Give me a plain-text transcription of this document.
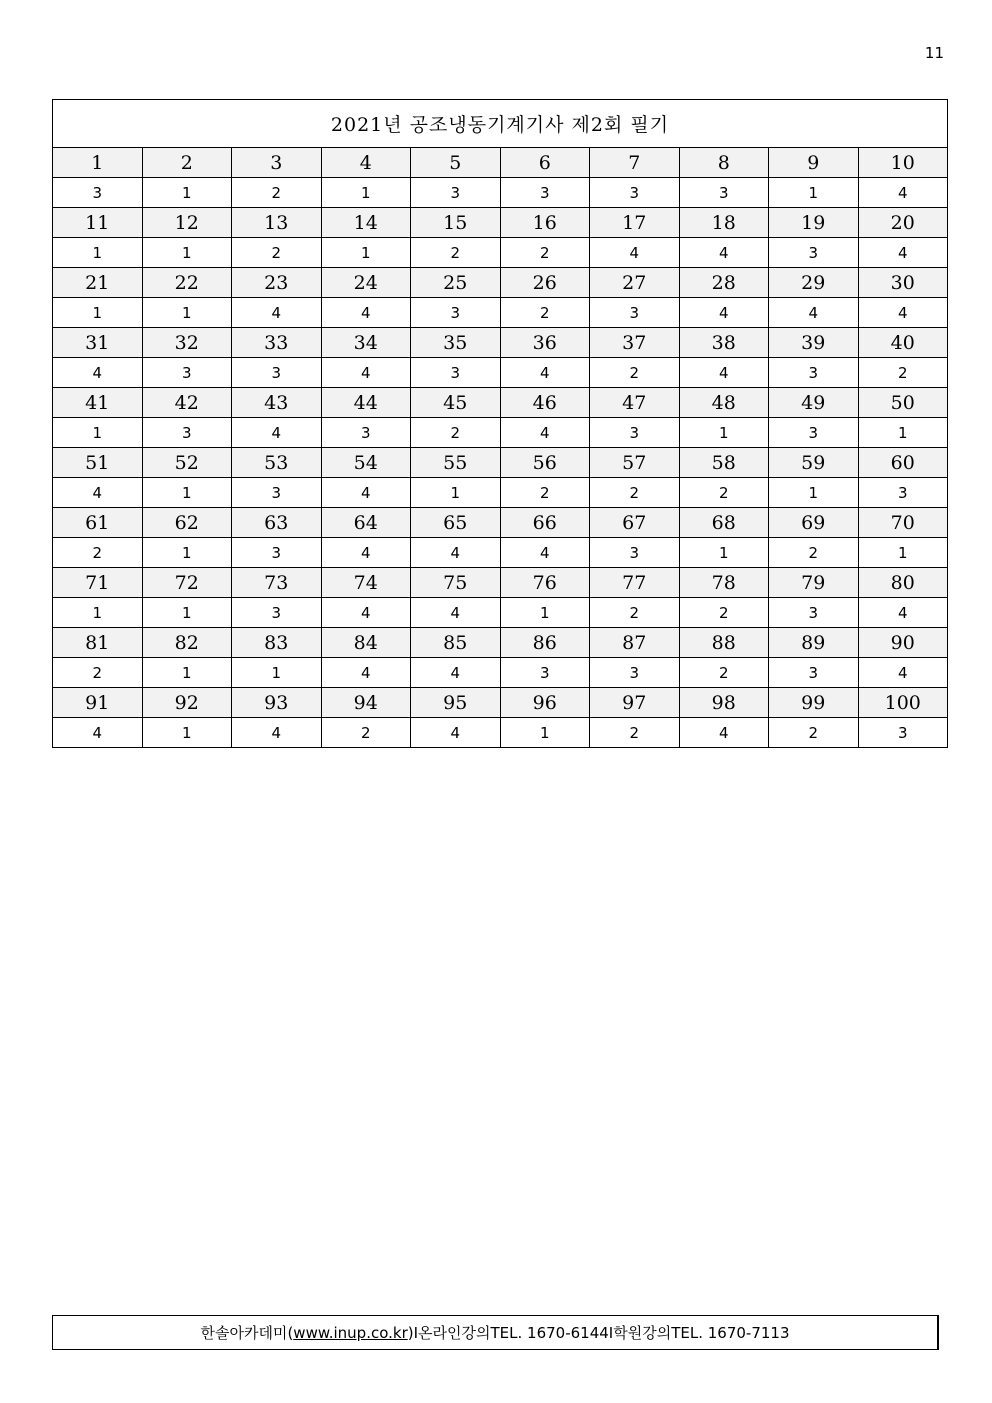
11
2021년 공조냉동기계기사 제2회 필기									
1	2	3	4	5	6	7	8	9	10
3	1	2	1	3	3	3	3	1	4
11	12	13	14	15	16	17	18	19	20
1	1	2	1	2	2	4	4	3	4
21	22	23	24	25	26	27	28	29	30
1	1	4	4	3	2	3	4	4	4
31	32	33	34	35	36	37	38	39	40
4	3	3	4	3	4	2	4	3	2
41	42	43	44	45	46	47	48	49	50
1	3	4	3	2	4	3	1	3	1
51	52	53	54	55	56	57	58	59	60
4	1	3	4	1	2	2	2	1	3
61	62	63	64	65	66	67	68	69	70
2	1	3	4	4	4	3	1	2	1
71	72	73	74	75	76	77	78	79	80
1	1	3	4	4	1	2	2	3	4
81	82	83	84	85	86	87	88	89	90
2	1	1	4	4	3	3	2	3	4
91	92	93	94	95	96	97	98	99	100
4	1	4	2	4	1	2	4	2	3
한솔아카데미 ( www.inup.co.kr ) I 온라인강의 TEL. 1670-6144 I 학원강의 TEL. 1670-7113
